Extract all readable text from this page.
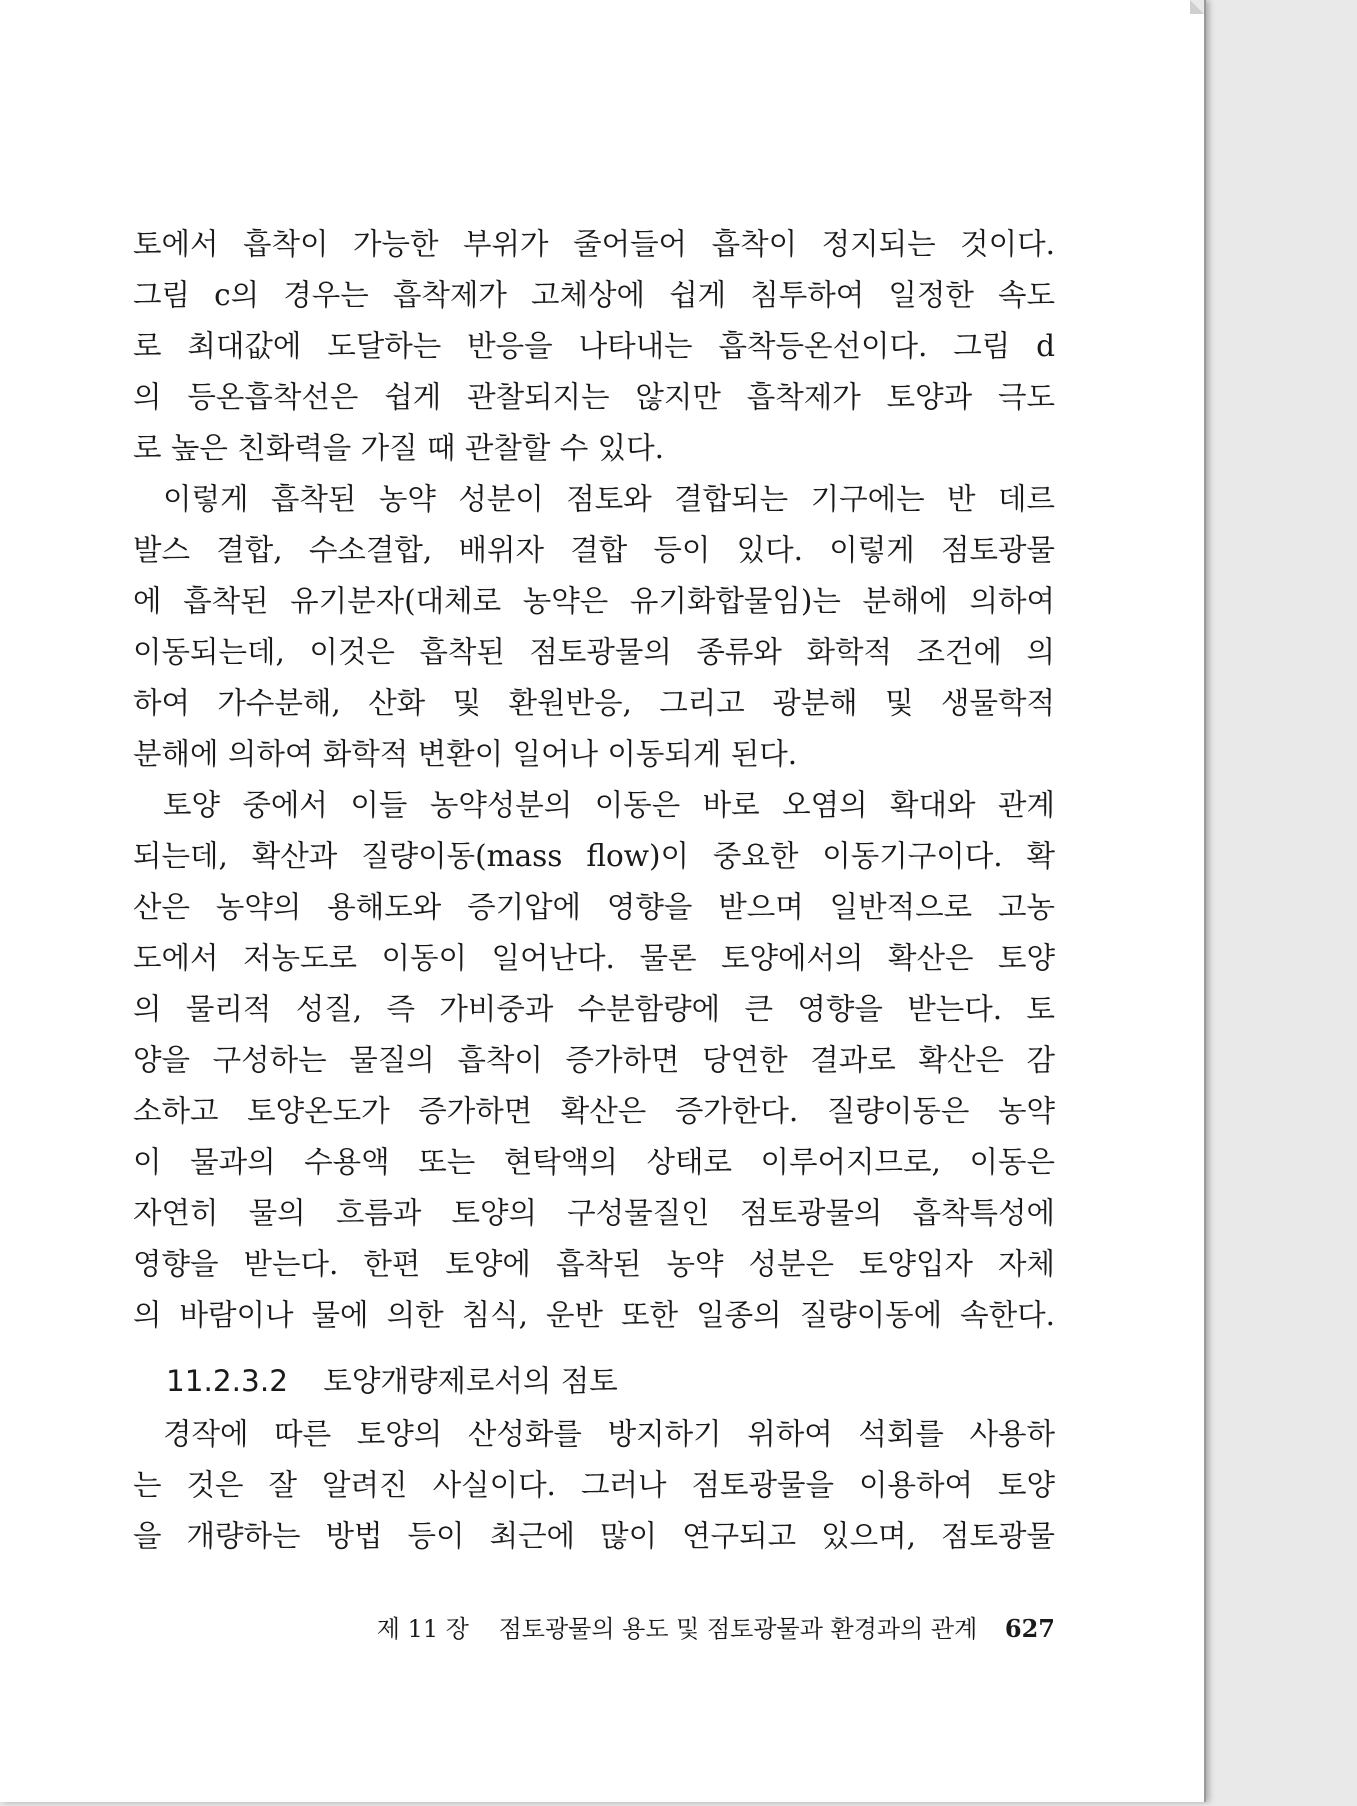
토에서 흡착이 가능한 부위가 줄어들어 흡착이 정지되는 것이다.
그림 c의 경우는 흡착제가 고체상에 쉽게 침투하여 일정한 속도
로 최대값에 도달하는 반응을 나타내는 흡착등온선이다. 그림 d
의 등온흡착선은 쉽게 관찰되지는 않지만 흡착제가 토양과 극도
로 높은 친화력을 가질 때 관찰할 수 있다.
이렇게 흡착된 농약 성분이 점토와 결합되는 기구에는 반 데르
발스 결합, 수소결합, 배위자 결합 등이 있다. 이렇게 점토광물
에 흡착된 유기분자(대체로 농약은 유기화합물임)는 분해에 의하여
이동되는데, 이것은 흡착된 점토광물의 종류와 화학적 조건에 의
하여 가수분해, 산화 및 환원반응, 그리고 광분해 및 생물학적
분해에 의하여 화학적 변환이 일어나 이동되게 된다.
토양 중에서 이들 농약성분의 이동은 바로 오염의 확대와 관계
되는데, 확산과 질량이동(mass flow)이 중요한 이동기구이다. 확
산은 농약의 용해도와 증기압에 영향을 받으며 일반적으로 고농
도에서 저농도로 이동이 일어난다. 물론 토양에서의 확산은 토양
의 물리적 성질, 즉 가비중과 수분함량에 큰 영향을 받는다. 토
양을 구성하는 물질의 흡착이 증가하면 당연한 결과로 확산은 감
소하고 토양온도가 증가하면 확산은 증가한다. 질량이동은 농약
이 물과의 수용액 또는 현탁액의 상태로 이루어지므로, 이동은
자연히 물의 흐름과 토양의 구성물질인 점토광물의 흡착특성에
영향을 받는다. 한편 토양에 흡착된 농약 성분은 토양입자 자체
의 바람이나 물에 의한 침식, 운반 또한 일종의 질량이동에 속한다.
11.2.3.2 토양개량제로서의 점토
경작에 따른 토양의 산성화를 방지하기 위하여 석회를 사용하
는 것은 잘 알려진 사실이다. 그러나 점토광물을 이용하여 토양
을 개량하는 방법 등이 최근에 많이 연구되고 있으며, 점토광물
제 11 장 점토광물의 용도 및 점토광물과 환경과의 관계 627
